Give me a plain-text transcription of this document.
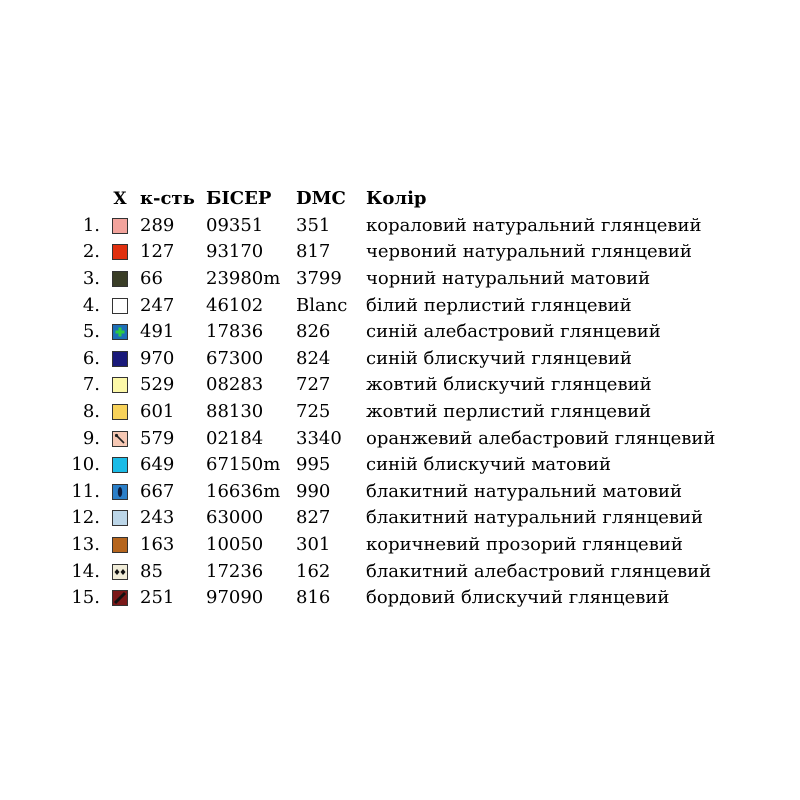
X к-сть БІСЕР	DMC	Колір
1.	289	09351	351	кораловий натуральний глянцевий
2.	127	93170	817	червоний натуральний глянцевий
3.	66	23980m 3799	чорний натуральний матовий
4.	247	46102	Blanc	білий перлистий глянцевий
5.	491	17836	826	синій алебастровий глянцевий
6.	970	67300	824	синій блискучий глянцевий
7.	529	08283	727	жовтий блискучий глянцевий
8.	601	88130	725	жовтий перлистий глянцевий
9.	579	02184	3340	оранжевий алебастровий глянцевий
10.	649	67150m 995	синій блискучий матовий
11.	667	16636m 990	блакитний натуральний матовий
12.	243	63000	827	блакитний натуральний глянцевий
13.	163	10050	301	коричневий прозорий глянцевий
14.	85	17236	162	блакитний алебастровий глянцевий
15.	251	97090	816	бордовий блискучий глянцевий
